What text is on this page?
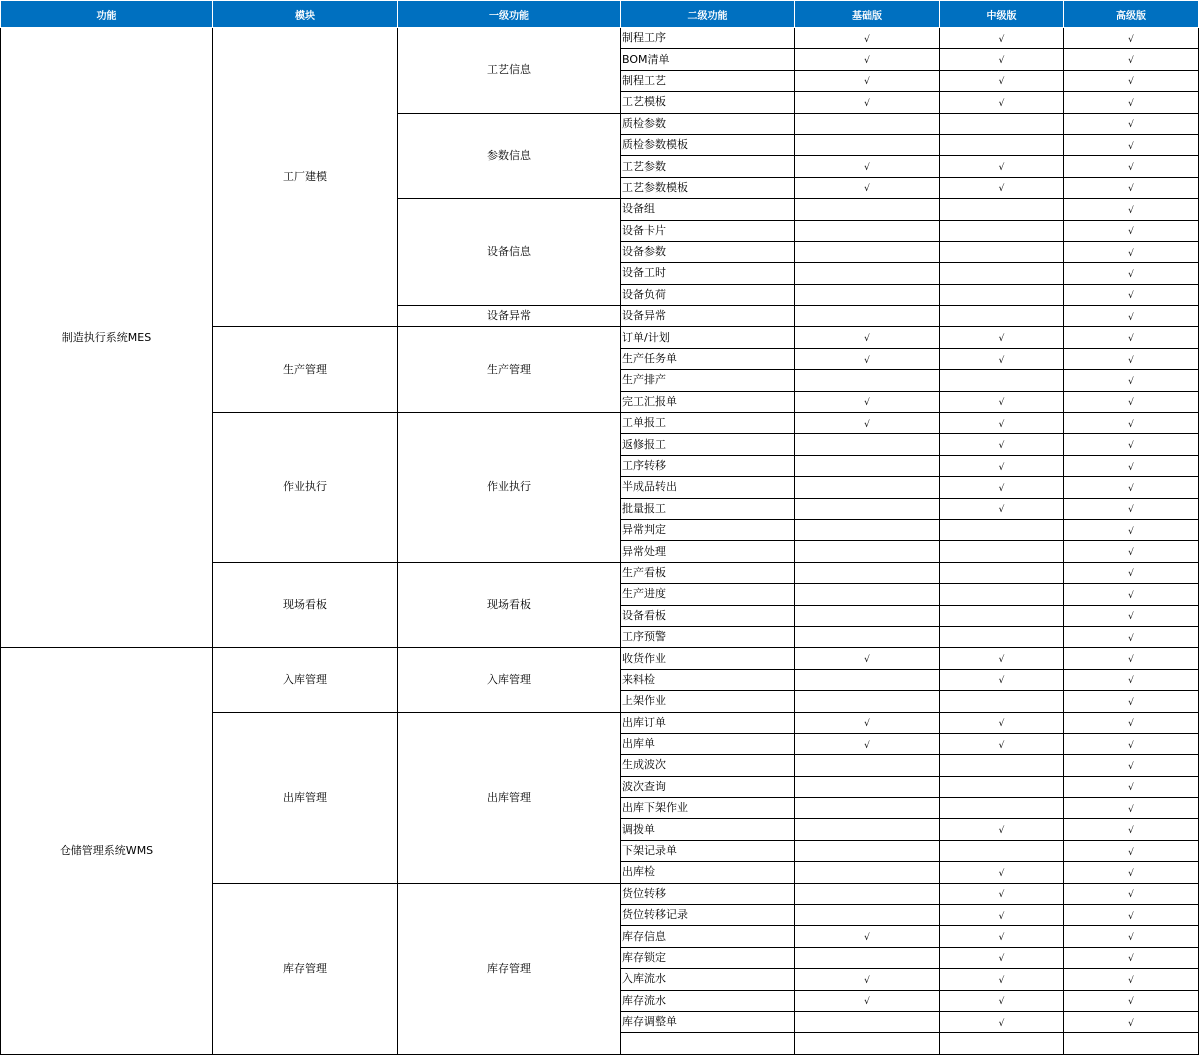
功能	模块	一级功能	二级功能	基础版	中级版	高级版
制造执行系统MES	工厂建模	工艺信息	制程工序	√	√	√
			BOM清单	√	√	√
			制程工艺	√	√	√
			工艺模板	√	√	√
		参数信息	质检参数			√
			质检参数模板			√
			工艺参数	√	√	√
			工艺参数模板	√	√	√
		设备信息	设备组			√
			设备卡片			√
			设备参数			√
			设备工时			√
			设备负荷			√
		设备异常	设备异常			√
	生产管理	生产管理	订单/计划	√	√	√
			生产任务单	√	√	√
			生产排产			√
			完工汇报单	√	√	√
	作业执行	作业执行	工单报工	√	√	√
			返修报工		√	√
			工序转移		√	√
			半成品转出		√	√
			批量报工		√	√
			异常判定			√
			异常处理			√
	现场看板	现场看板	生产看板			√
			生产进度			√
			设备看板			√
			工序预警			√
仓储管理系统WMS	入库管理	入库管理	收货作业	√	√	√
			来料检		√	√
			上架作业			√
	出库管理	出库管理	出库订单	√	√	√
			出库单	√	√	√
			生成波次			√
			波次查询			√
			出库下架作业			√
			调拨单		√	√
			下架记录单			√
			出库检		√	√
	库存管理	库存管理	货位转移		√	√
			货位转移记录		√	√
			库存信息	√	√	√
			库存锁定		√	√
			入库流水	√	√	√
			库存流水	√	√	√
			库存调整单		√	√
